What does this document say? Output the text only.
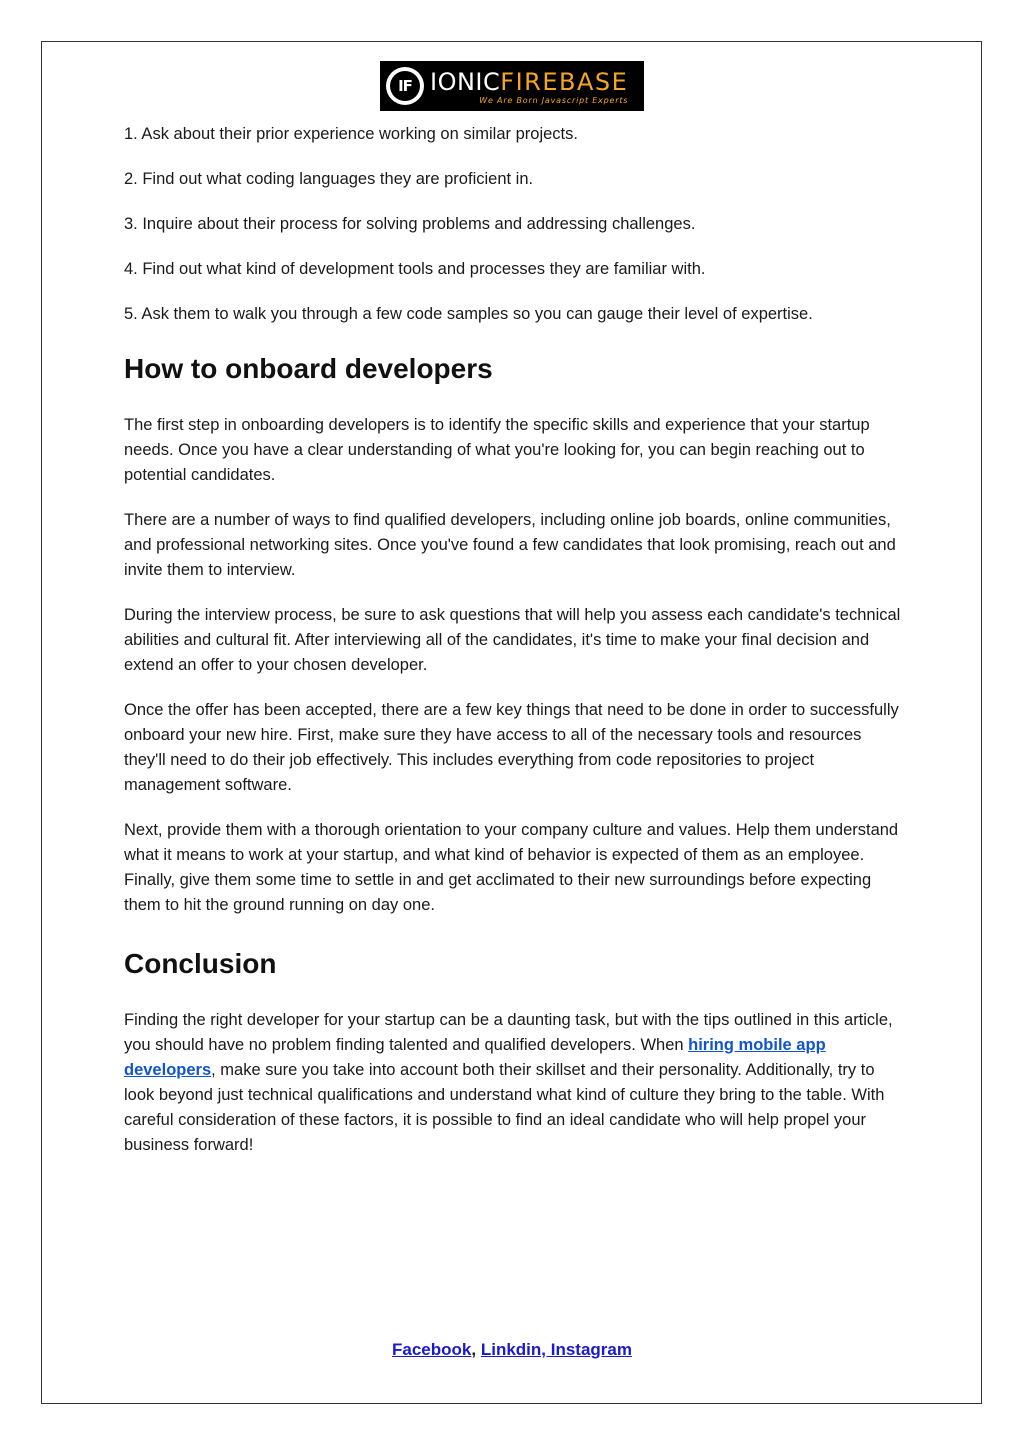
IF IONICFIREBASE
We Are Born Javascript Experts

1. Ask about their prior experience working on similar projects.

2. Find out what coding languages they are proficient in.

3. Inquire about their process for solving problems and addressing challenges.

4. Find out what kind of development tools and processes they are familiar with.

5. Ask them to walk you through a few code samples so you can gauge their level of expertise.

How to onboard developers

The first step in onboarding developers is to identify the specific skills and experience that your startup needs. Once you have a clear understanding of what you're looking for, you can begin reaching out to potential candidates.

There are a number of ways to find qualified developers, including online job boards, online communities, and professional networking sites. Once you've found a few candidates that look promising, reach out and invite them to interview.

During the interview process, be sure to ask questions that will help you assess each candidate's technical abilities and cultural fit. After interviewing all of the candidates, it's time to make your final decision and extend an offer to your chosen developer.

Once the offer has been accepted, there are a few key things that need to be done in order to successfully onboard your new hire. First, make sure they have access to all of the necessary tools and resources they'll need to do their job effectively. This includes everything from code repositories to project management software.

Next, provide them with a thorough orientation to your company culture and values. Help them understand what it means to work at your startup, and what kind of behavior is expected of them as an employee. Finally, give them some time to settle in and get acclimated to their new surroundings before expecting them to hit the ground running on day one.

Conclusion

Finding the right developer for your startup can be a daunting task, but with the tips outlined in this article, you should have no problem finding talented and qualified developers. When hiring mobile app developers, make sure you take into account both their skillset and their personality. Additionally, try to look beyond just technical qualifications and understand what kind of culture they bring to the table. With careful consideration of these factors, it is possible to find an ideal candidate who will help propel your business forward!

Facebook, Linkdin, Instagram
